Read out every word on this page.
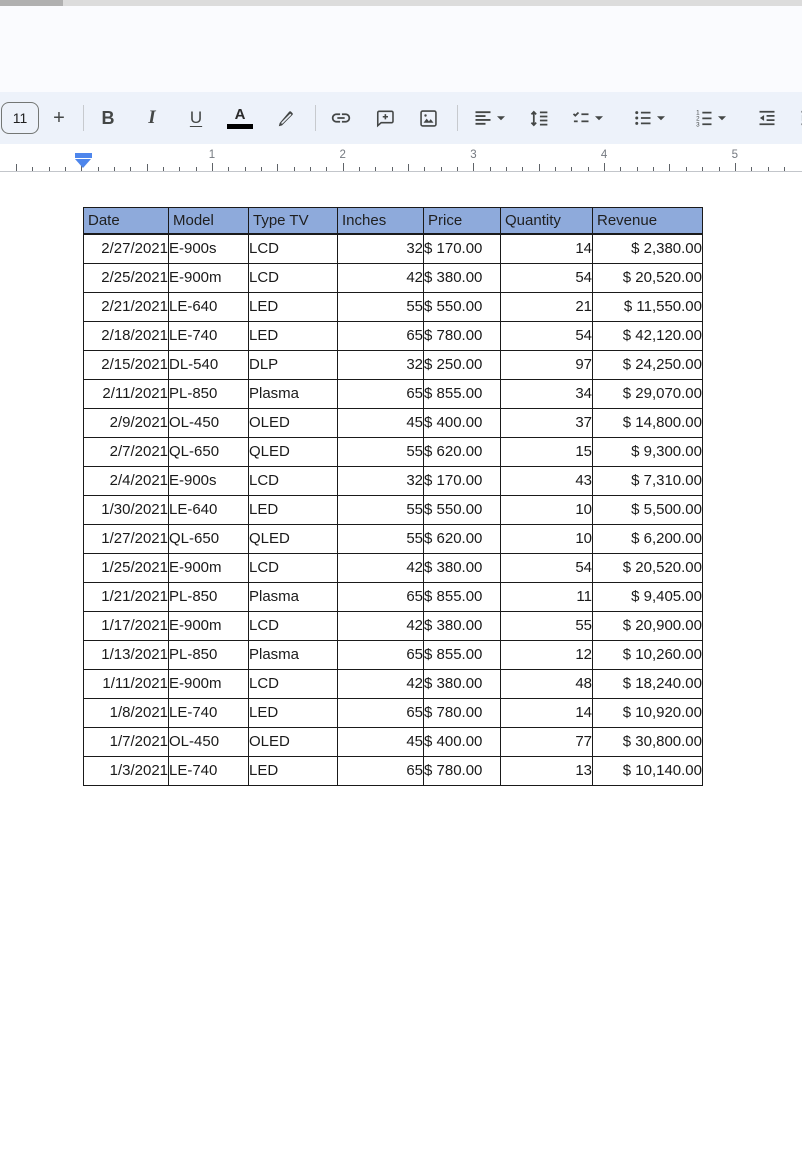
11
+ B I U A	1
2
3
1	2	3	4	5
Date	Model	Type TV	Inches	Price	Quantity	Revenue
2/27/2021	E-900s	LCD	32	$ 170.00	14	$ 2,380.00
2/25/2021	E-900m	LCD	42	$ 380.00	54	$ 20,520.00
2/21/2021	LE-640	LED	55	$ 550.00	21	$ 11,550.00
2/18/2021	LE-740	LED	65	$ 780.00	54	$ 42,120.00
2/15/2021	DL-540	DLP	32	$ 250.00	97	$ 24,250.00
2/11/2021	PL-850	Plasma	65	$ 855.00	34	$ 29,070.00
2/9/2021	OL-450	OLED	45	$ 400.00	37	$ 14,800.00
2/7/2021	QL-650	QLED	55	$ 620.00	15	$ 9,300.00
2/4/2021	E-900s	LCD	32	$ 170.00	43	$ 7,310.00
1/30/2021	LE-640	LED	55	$ 550.00	10	$ 5,500.00
1/27/2021	QL-650	QLED	55	$ 620.00	10	$ 6,200.00
1/25/2021	E-900m	LCD	42	$ 380.00	54	$ 20,520.00
1/21/2021	PL-850	Plasma	65	$ 855.00	11	$ 9,405.00
1/17/2021	E-900m	LCD	42	$ 380.00	55	$ 20,900.00
1/13/2021	PL-850	Plasma	65	$ 855.00	12	$ 10,260.00
1/11/2021	E-900m	LCD	42	$ 380.00	48	$ 18,240.00
1/8/2021	LE-740	LED	65	$ 780.00	14	$ 10,920.00
1/7/2021	OL-450	OLED	45	$ 400.00	77	$ 30,800.00
1/3/2021	LE-740	LED	65	$ 780.00	13	$ 10,140.00
